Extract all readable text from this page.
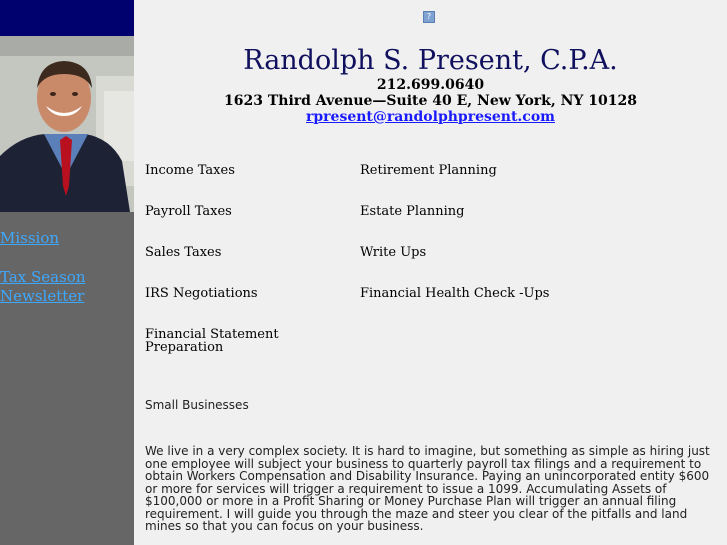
Mission
Tax Season Newsletter
?
Randolph S. Present, C.P.A.
212.699.0640
1623 Third Avenue—Suite 40 E, New York, NY 10128
rpresent@randolphpresent.com
Income Taxes
Payroll Taxes
Sales Taxes
IRS Negotiations
Financial Statement Preparation
Retirement Planning
Estate Planning
Write Ups
Financial Health Check -Ups
Small Businesses

We live in a very complex society. It is hard to imagine, but something as simple as hiring just one employee will subject your business to quarterly payroll tax filings and a requirement to obtain Workers Compensation and Disability Insurance. Paying an unincorporated entity $600 or more for services will trigger a requirement to issue a 1099. Accumulating Assets of $100,000 or more in a Profit Sharing or Money Purchase Plan will trigger an annual filing requirement. I will guide you through the maze and steer you clear of the pitfalls and land mines so that you can focus on your business.
